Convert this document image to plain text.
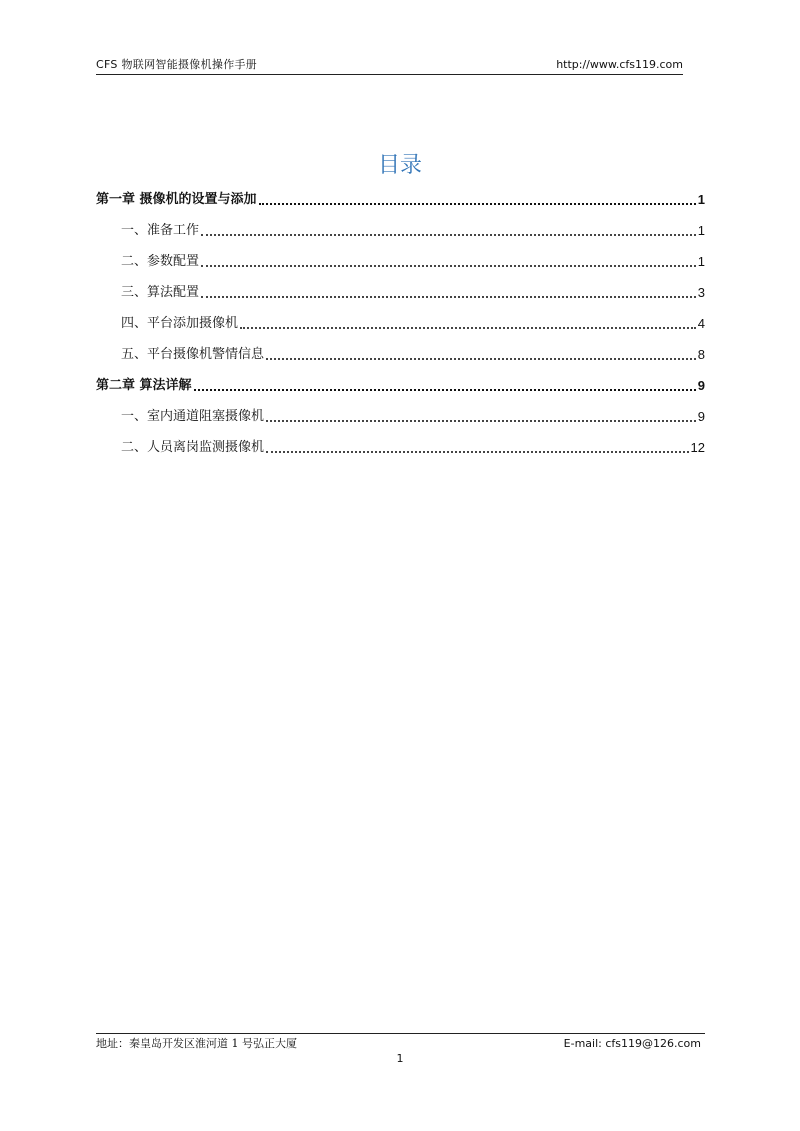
CFS 物联网智能摄像机操作手册	http://www.cfs119.com
目录
第一章 摄像机的设置与添加	1
一、准备工作	1
二、参数配置	1
三、算法配置	3
四、平台添加摄像机	4
五、平台摄像机警情信息	8
第二章 算法详解	9
一、室内通道阻塞摄像机	9
二、人员离岗监测摄像机	12
地址：秦皇岛开发区淮河道 1 号弘正大厦	E-mail: cfs119@126.com
1
